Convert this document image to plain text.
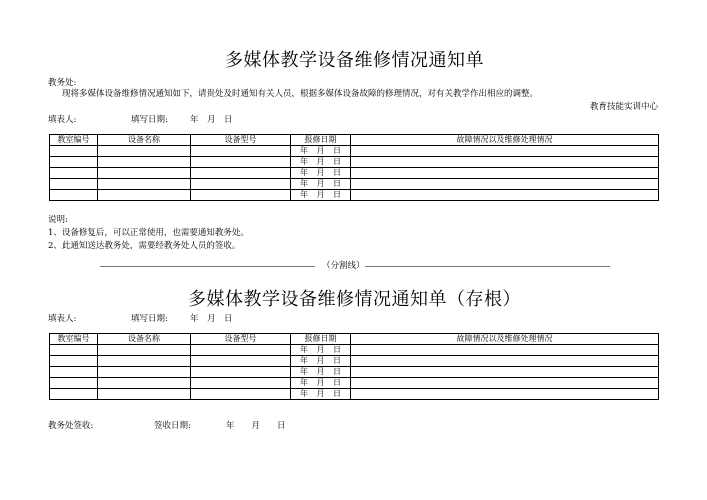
多媒体教学设备维修情况通知单
教务处:
现将多媒体设备维修情况通知如下，请贵处及时通知有关人员，根据多媒体设备故障的修理情况，对有关教学作出相应的调整。
教育技能实训中心
填表人:	填写日期:	年　月　日
教室编号	设备名称	设备型号	报修日期	故障情况以及维修处理情况
			年 月 日	
			年 月 日	
			年 月 日	
			年 月 日	
			年 月 日	
说明:
1、设备修复后，可以正常使用，也需要通知教务处。
2、此通知送达教务处，需要经教务处人员的签收。
（分割线）
多媒体教学设备维修情况通知单（存根）
填表人:	填写日期:	年　月　日
教室编号	设备名称	设备型号	报修日期	故障情况以及维修处理情况
			年 月 日	
			年 月 日	
			年 月 日	
			年 月 日	
			年 月 日	
教务处签收:	签收日期:	年　　月　　日
